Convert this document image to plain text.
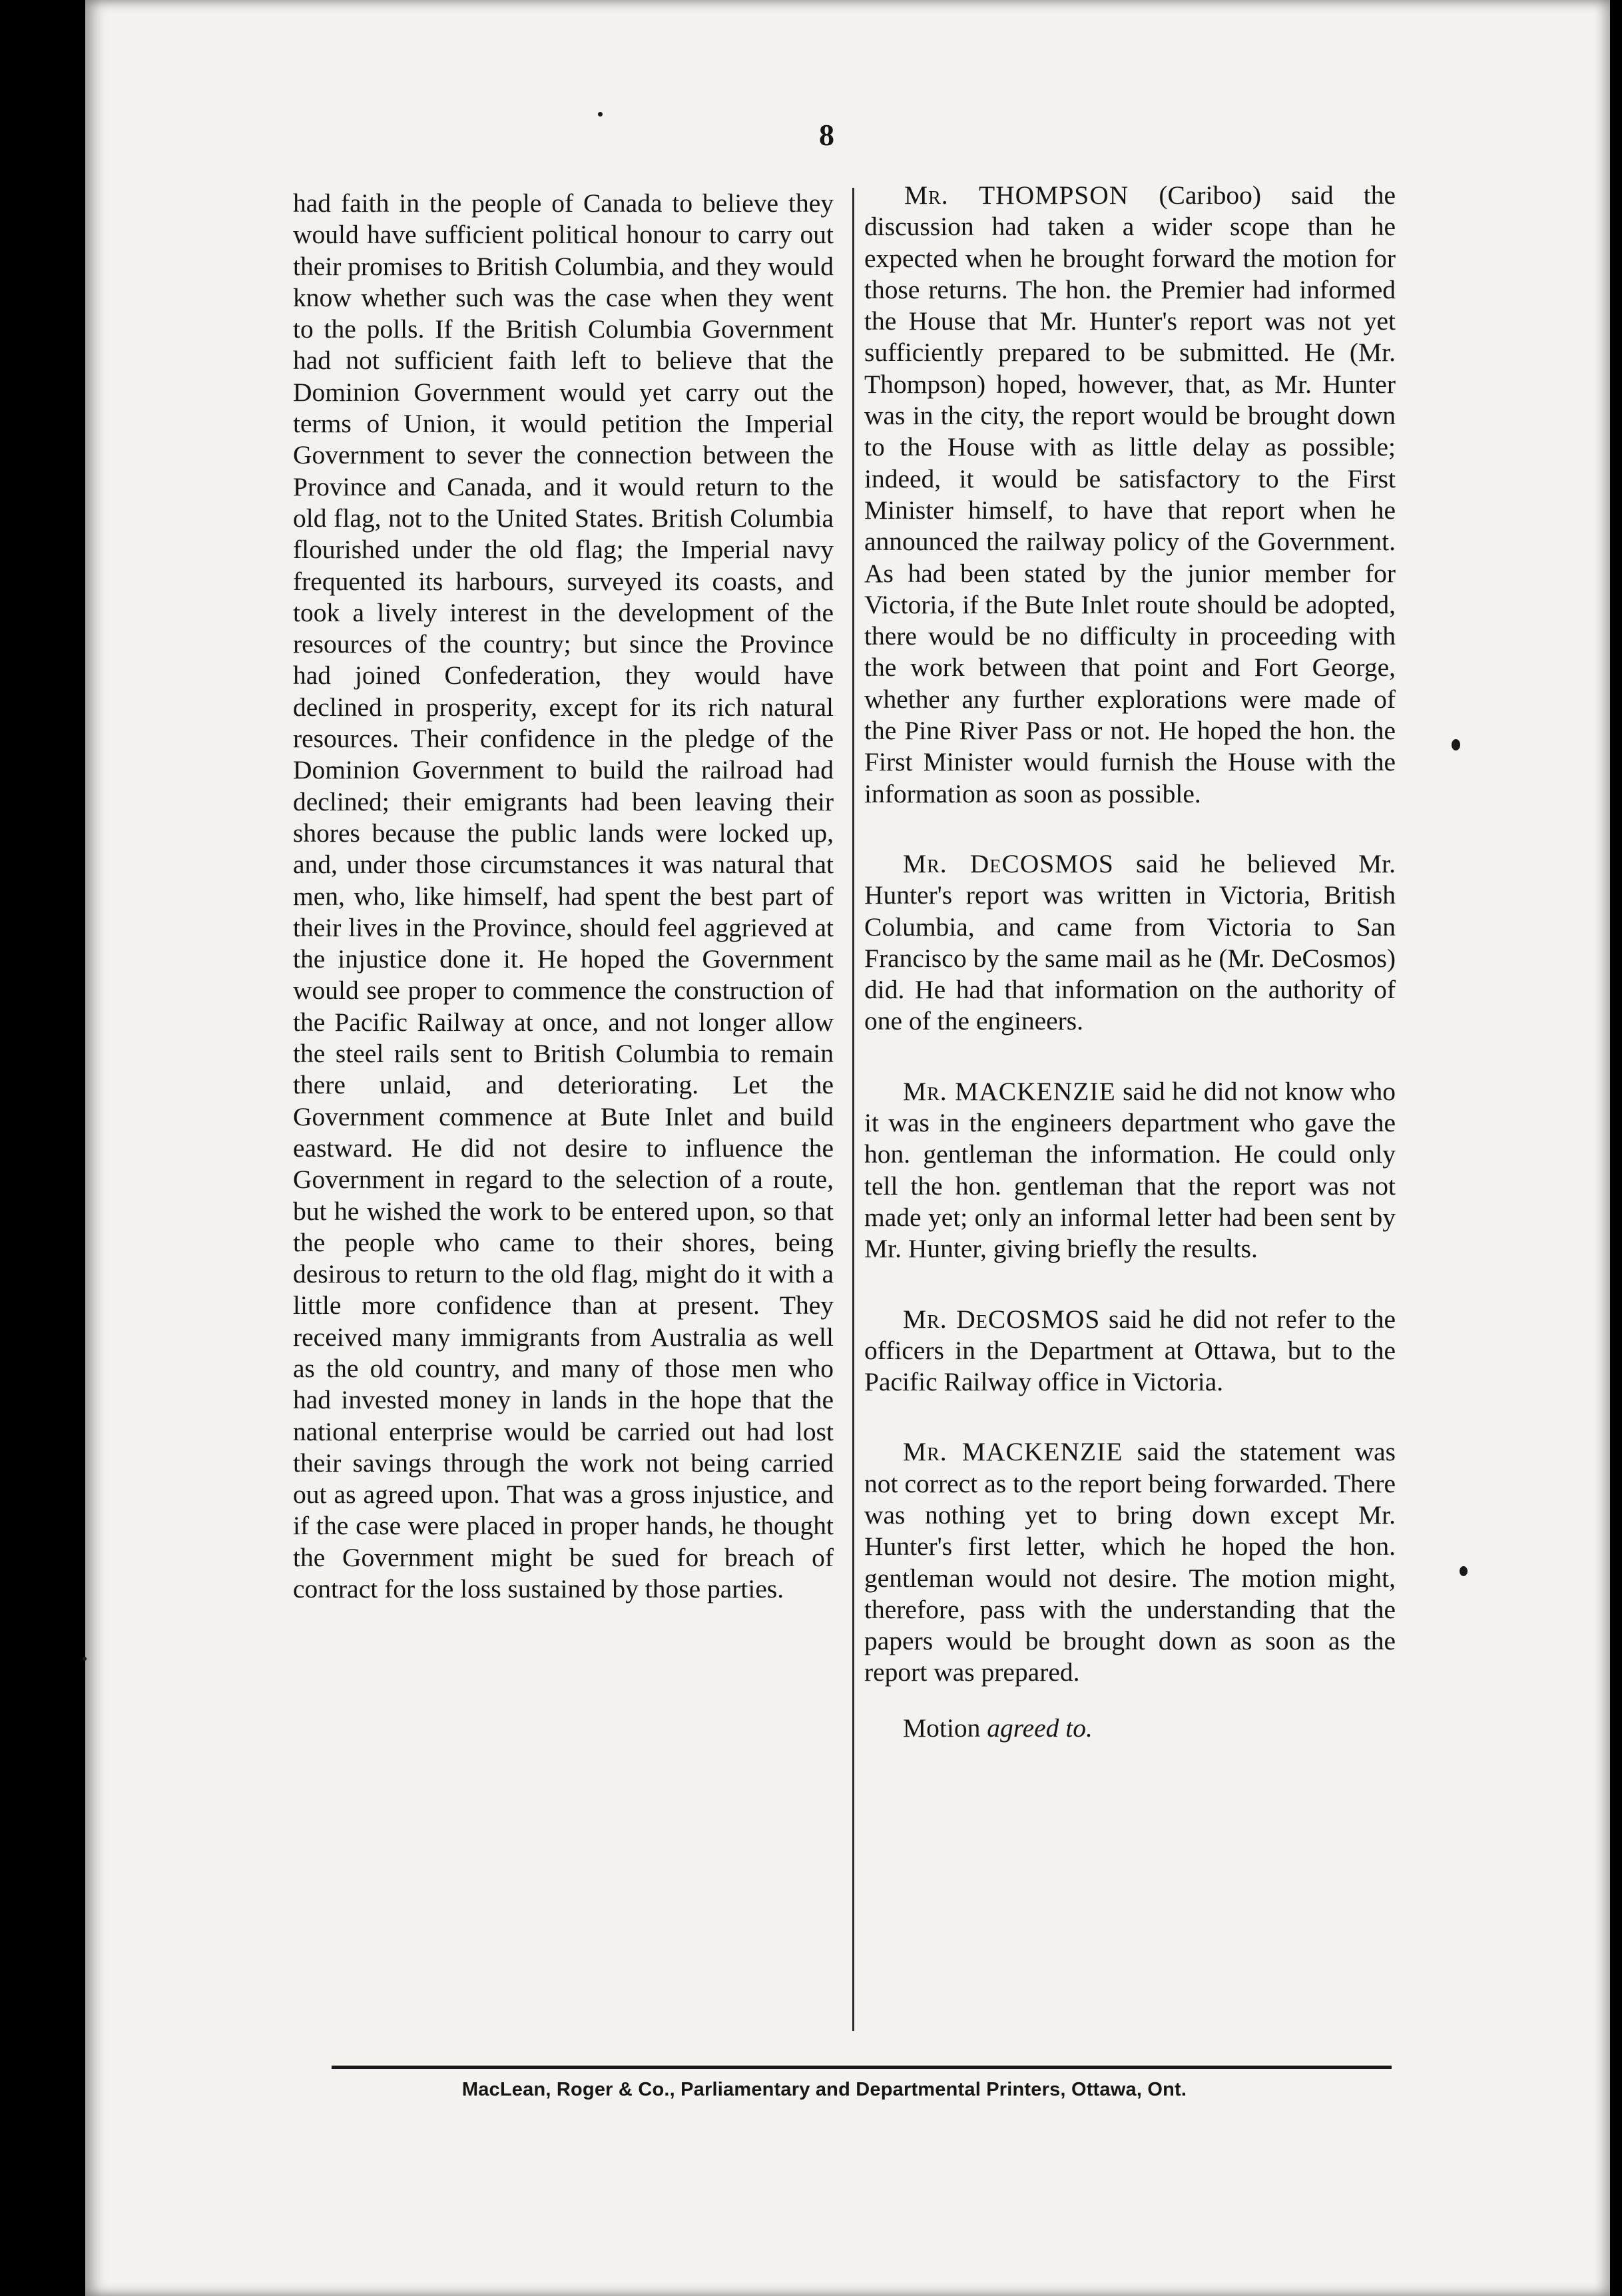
8

had faith in the people of Canada to believe they would have sufficient political honour to carry out their promises to British Columbia, and they would know whether such was the case when they went to the polls. If the British Columbia Government had not sufficient faith left to believe that the Dominion Government would yet carry out the terms of Union, it would petition the Imperial Government to sever the connection between the Province and Canada, and it would return to the old flag, not to the United States. British Columbia flourished under the old flag; the Imperial navy frequented its harbours, surveyed its coasts, and took a lively interest in the development of the resources of the country; but since the Province had joined Confederation, they would have declined in prosperity, except for its rich natural resources. Their confidence in the pledge of the Dominion Government to build the railroad had declined; their emigrants had been leaving their shores because the public lands were locked up, and, under those circumstances it was natural that men, who, like himself, had spent the best part of their lives in the Province, should feel aggrieved at the injustice done it. He hoped the Government would see proper to commence the construction of the Pacific Railway at once, and not longer allow the steel rails sent to British Columbia to remain there unlaid, and deteriorating. Let the Government commence at Bute Inlet and build eastward. He did not desire to influence the Government in regard to the selection of a route, but he wished the work to be entered upon, so that the people who came to their shores, being desirous to return to the old flag, might do it with a little more confidence than at present. They received many immigrants from Australia as well as the old country, and many of those men who had invested money in lands in the hope that the national enterprise would be carried out had lost their savings through the work not being carried out as agreed upon. That was a gross injustice, and if the case were placed in proper hands, he thought the Government might be sued for breach of contract for the loss sustained by those parties.

Mr. THOMPSON (Cariboo) said the discussion had taken a wider scope than he expected when he brought forward the motion for those returns. The hon. the Premier had informed the House that Mr. Hunter's report was not yet sufficiently prepared to be submitted. He (Mr. Thompson) hoped, however, that, as Mr. Hunter was in the city, the report would be brought down to the House with as little delay as possible; indeed, it would be satisfactory to the First Minister himself, to have that report when he announced the railway policy of the Government. As had been stated by the junior member for Victoria, if the Bute Inlet route should be adopted, there would be no difficulty in proceeding with the work between that point and Fort George, whether any further explorations were made of the Pine River Pass or not. He hoped the hon. the First Minister would furnish the House with the information as soon as possible.

Mr. DeCOSMOS said he believed Mr. Hunter's report was written in Victoria, British Columbia, and came from Victoria to San Francisco by the same mail as he (Mr. DeCosmos) did. He had that information on the authority of one of the engineers.

Mr. MACKENZIE said he did not know who it was in the engineers department who gave the hon. gentleman the information. He could only tell the hon. gentleman that the report was not made yet; only an informal letter had been sent by Mr. Hunter, giving briefly the results.

Mr. DeCOSMOS said he did not refer to the officers in the Department at Ottawa, but to the Pacific Railway office in Victoria.

Mr. MACKENZIE said the statement was not correct as to the report being forwarded. There was nothing yet to bring down except Mr. Hunter's first letter, which he hoped the hon. gentleman would not desire. The motion might, therefore, pass with the understanding that the papers would be brought down as soon as the report was prepared.

Motion agreed to.

MacLean, Roger & Co., Parliamentary and Departmental Printers, Ottawa, Ont.
